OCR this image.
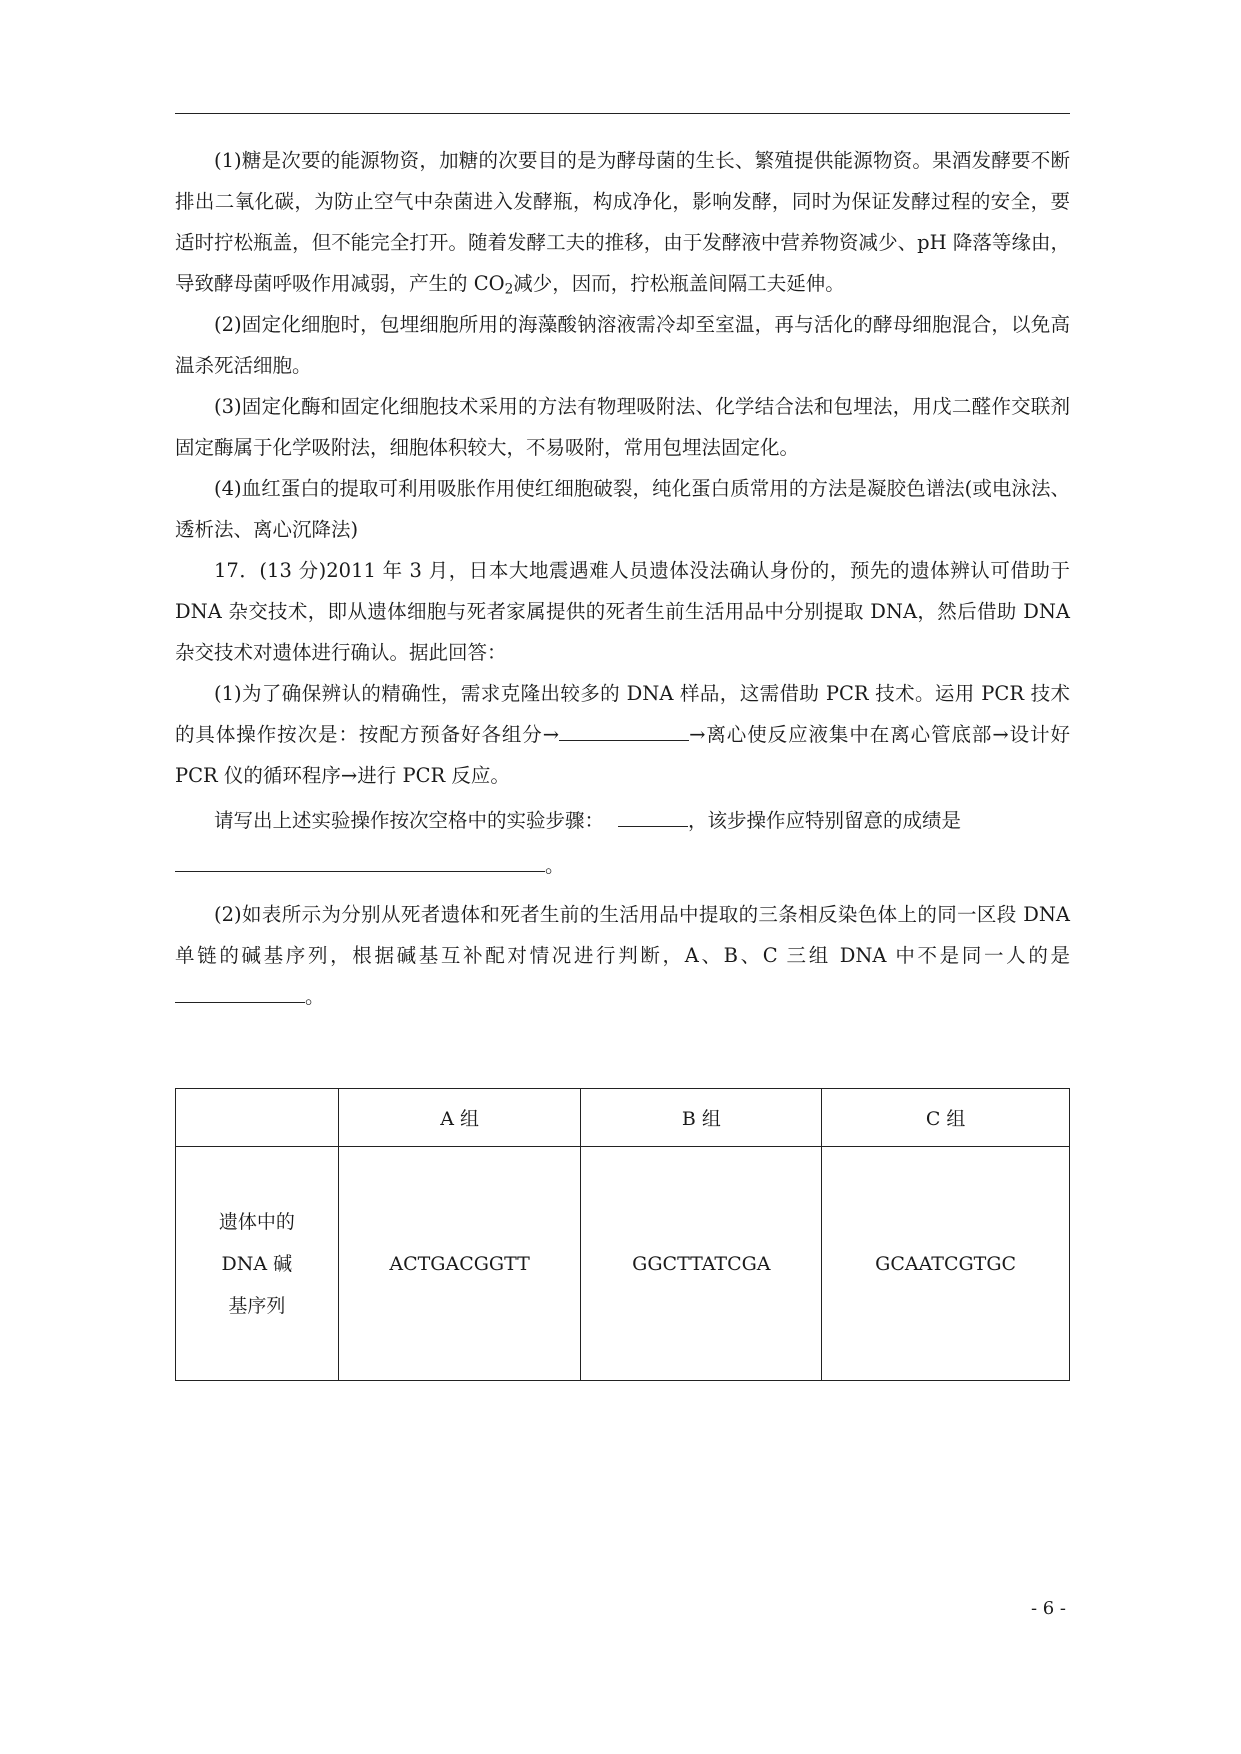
(1)糖是次要的能源物资，加糖的次要目的是为酵母菌的生长、繁殖提供能源物资。果酒发酵要不断排出二氧化碳，为防止空气中杂菌进入发酵瓶，构成净化，影响发酵，同时为保证发酵过程的安全，要适时拧松瓶盖，但不能完全打开。随着发酵工夫的推移，由于发酵液中营养物资减少、pH 降落等缘由，导致酵母菌呼吸作用减弱，产生的 $CO_2$减少，因而，拧松瓶盖间隔工夫延伸。

(2)固定化细胞时，包埋细胞所用的海藻酸钠溶液需冷却至室温，再与活化的酵母细胞混合，以免高温杀死活细胞。

(3)固定化酶和固定化细胞技术采用的方法有物理吸附法、化学结合法和包埋法，用戊二醛作交联剂固定酶属于化学吸附法，细胞体积较大，不易吸附，常用包埋法固定化。

(4)血红蛋白的提取可利用吸胀作用使红细胞破裂，纯化蛋白质常用的方法是凝胶色谱法(或电泳法、透析法、离心沉降法)

17．(13 分)2011 年 3 月，日本大地震遇难人员遗体没法确认身份的，预先的遗体辨认可借助于 DNA 杂交技术，即从遗体细胞与死者家属提供的死者生前生活用品中分别提取 DNA，然后借助 DNA 杂交技术对遗体进行确认。据此回答：

(1)为了确保辨认的精确性，需求克隆出较多的 DNA 样品，这需借助 PCR 技术。运用 PCR 技术的具体操作按次是：按配方预备好各组分→	→离心使反应液集中在离心管底部→设计好 PCR 仪的循环程序→进行 PCR 反应。

请写出上述实验操作按次空格中的实验步骤：	，该步操作应特别留意的成绩是

。

(2)如表所示为分别从死者遗体和死者生前的生活用品中提取的三条相反染色体上的同一区段 DNA 单链的碱基序列，根据碱基互补配对情况进行判断，A、B、C 三组 DNA 中不是同一人的是。

	A 组	B 组	C 组

遗体中的
DNA 碱
基序列	ACTGACGGTT	GGCTTATCGA	GCAATCGTGC
- 6 -
